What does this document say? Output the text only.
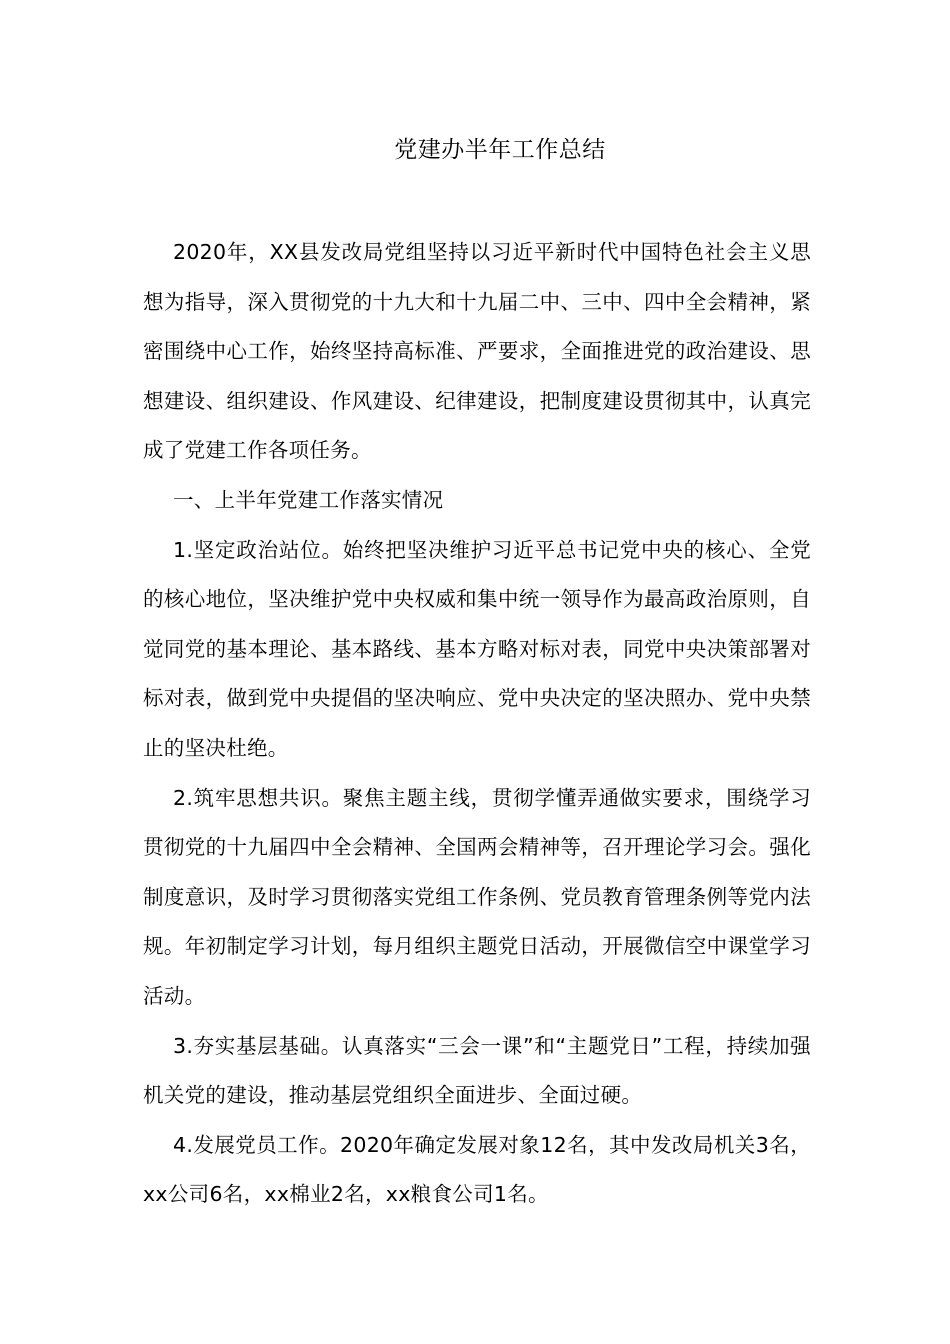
党建办半年工作总结

2020年，XX县发改局党组坚持以习近平新时代中国特色社会主义思想为指导，深入贯彻党的十九大和十九届二中、三中、四中全会精神，紧密围绕中心工作，始终坚持高标准、严要求，全面推进党的政治建设、思想建设、组织建设、作风建设、纪律建设，把制度建设贯彻其中，认真完成了党建工作各项任务。

一、上半年党建工作落实情况

1.坚定政治站位。始终把坚决维护习近平总书记党中央的核心、全党的核心地位，坚决维护党中央权威和集中统一领导作为最高政治原则，自觉同党的基本理论、基本路线、基本方略对标对表，同党中央决策部署对标对表，做到党中央提倡的坚决响应、党中央决定的坚决照办、党中央禁止的坚决杜绝。

2.筑牢思想共识。聚焦主题主线，贯彻学懂弄通做实要求，围绕学习贯彻党的十九届四中全会精神、全国两会精神等，召开理论学习会。强化制度意识，及时学习贯彻落实党组工作条例、党员教育管理条例等党内法规。年初制定学习计划，每月组织主题党日活动，开展微信空中课堂学习活动。

3.夯实基层基础。认真落实“三会一课”和“主题党日”工程，持续加强机关党的建设，推动基层党组织全面进步、全面过硬。

4.发展党员工作。2020年确定发展对象12名，其中发改局机关3名，xx公司6名，xx棉业2名，xx粮食公司1名。
